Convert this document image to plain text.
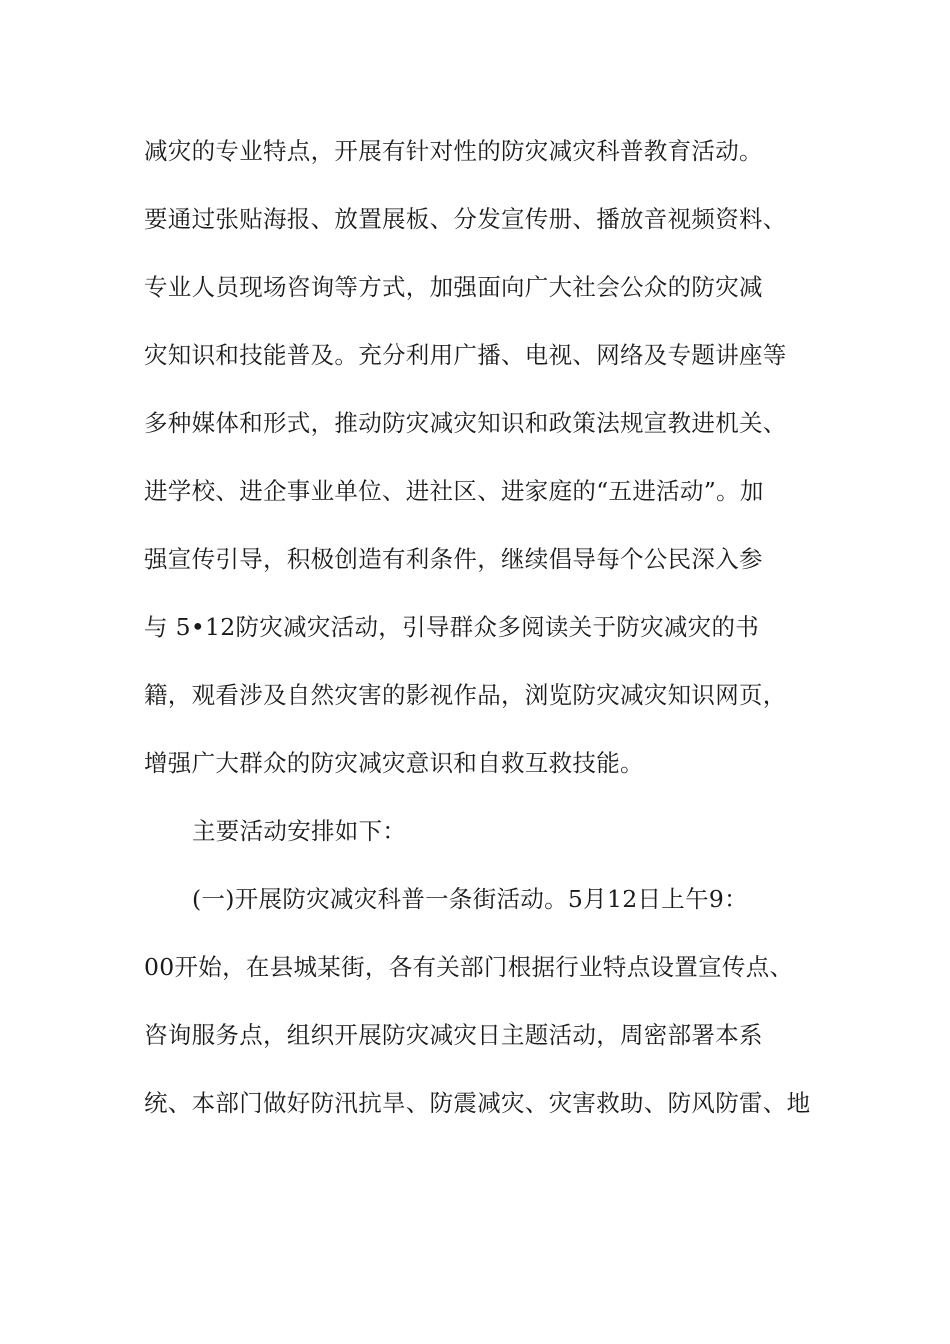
减灾的专业特点，开展有针对性的防灾减灾科普教育活动。
要通过张贴海报、放置展板、分发宣传册、播放音视频资料、
专业人员现场咨询等方式，加强面向广大社会公众的防灾减
灾知识和技能普及。充分利用广播、电视、网络及专题讲座等
多种媒体和形式，推动防灾减灾知识和政策法规宣教进机关、
进学校、进企事业单位、进社区、进家庭的“五进活动”。加
强宣传引导，积极创造有利条件，继续倡导每个公民深入参
与 5•12防灾减灾活动，引导群众多阅读关于防灾减灾的书
籍，观看涉及自然灾害的影视作品，浏览防灾减灾知识网页，
增强广大群众的防灾减灾意识和自救互救技能。
主要活动安排如下：
(一)开展防灾减灾科普一条街活动。5月12日上午9：
00开始，在县城某街，各有关部门根据行业特点设置宣传点、
咨询服务点，组织开展防灾减灾日主题活动，周密部署本系
统、本部门做好防汛抗旱、防震减灾、灾害救助、防风防雷、地
